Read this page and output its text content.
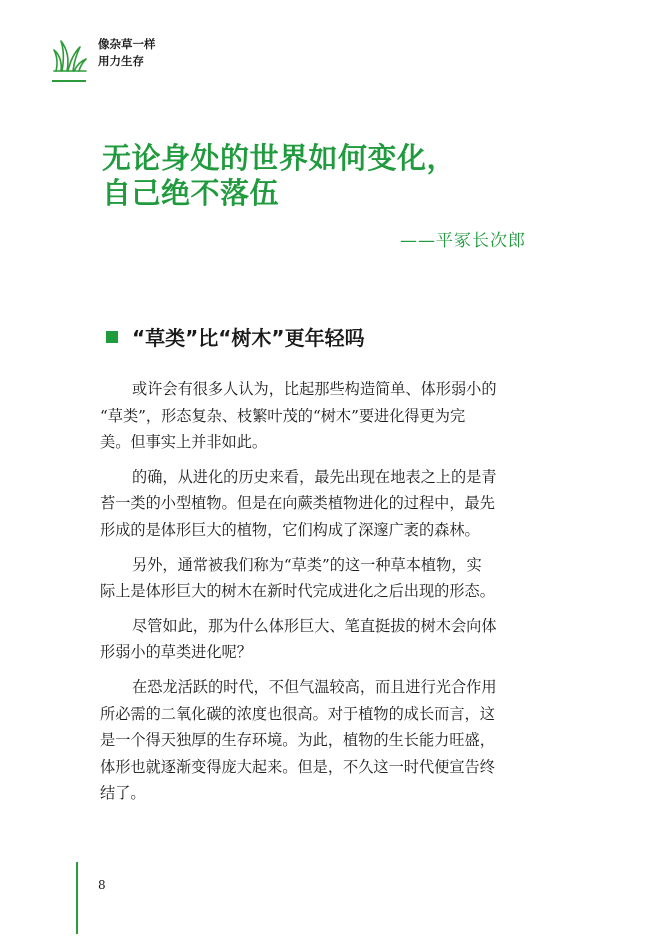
像杂草一样
用力生存
无论身处的世界如何变化，
自己绝不落伍
——平冢长次郎
“草类”比“树木”更年轻吗

或许会有很多人认为，比起那些构造简单、体形弱小的
“草类”，形态复杂、枝繁叶茂的“树木”要进化得更为完
美。但事实上并非如此。

的确，从进化的历史来看，最先出现在地表之上的是青
苔一类的小型植物。但是在向蕨类植物进化的过程中，最先
形成的是体形巨大的植物，它们构成了深邃广袤的森林。

另外，通常被我们称为“草类”的这一种草本植物，实
际上是体形巨大的树木在新时代完成进化之后出现的形态。

尽管如此，那为什么体形巨大、笔直挺拔的树木会向体
形弱小的草类进化呢？

在恐龙活跃的时代，不但气温较高，而且进行光合作用
所必需的二氧化碳的浓度也很高。对于植物的成长而言，这
是一个得天独厚的生存环境。为此，植物的生长能力旺盛，
体形也就逐渐变得庞大起来。但是，不久这一时代便宣告终
结了。

8
